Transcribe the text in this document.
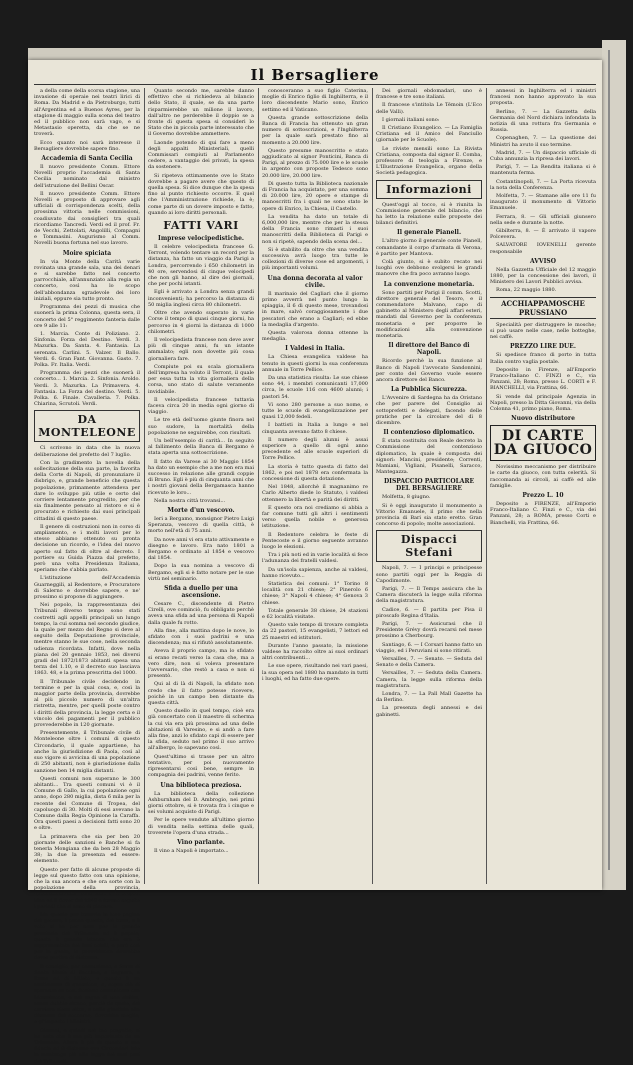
Il Bersagliere

a della come della scorsa stagione, una invasione di operaie nei teatri lirici di Roma. Da Madrid e da Pietroburgo, tutti all'Argentina ed a Buenos Ayres, per la stagione di maggio sulla scena del teatro ed il pubblico non sarà vago, e si Metastasio operetta, da che se ne troverà.

Ecco quanto noi sarà interesse il Bersagliere dovrebbe sapere fino.

Accademia di Santa Cecilia

Il nuovo presidente Comm. Ettore Novelli proprio l'accademia di Santa Cecilia nominato dal ministro dell'istruzione del Bellini Oscar.

Il nuovo presidente Comm. Ettore Novelli e proposto di approvare agli ufficiali di corrispondenza scelti, della prossima vittoria nelle commissioni, coadiuvato dai consiglieri tra quali ricordiamo Tancredi. Verdi ed il prof. Fr. de Vecchi, Zettolati, Angolilli, Compagni e Tommasini. Augurismo al Comm. Novelli buona fortuna nel suo lavoro.

Moire spiciata

In via Monte della Carità varie rovinata una grande sala, una dei denari e si sarebbe fatto nel concerto parrocchiale, all'annunziato alla regia un concerto, così ha lo scopo dell'abbondanza sgradevole dei loro iniziali, eppure sia tutto pronto.

Programma dei pezzi di musica che suonerà la prima Colonna, questa sera, il concerto del 5° reggimento fanteria dalle ore 9 alle 11:

1. Marcia. Conte di Poliziano. 2. Sinfonia. Forza del Destino. Verdi. 3. Mazurka. Da Santa. 4. Fantasia. La serenata. Carlini. 5. Valzer. Il Ballo. Verdi. 6. Gran Fant. Giovanna. Gasto. 7. Polka. Fr. Italia. Verdi.

Programma dei pezzi che suonerà il concerto... 1. Marcia. 2. Sinfonia. Aroldo. Verdi. 3. Mazurka. La Primavera. 4. Fantasia. La Forza del destino. Verdi. 5. Polka. 6. Finale. Cavalleria. 7. Polka. Chiarina, Scrutoli. Verdi.

DA MONTELEONE

Ci scrivono in data che la nuova deliberazione del prefetto del 7 luglio.

Con la gradimento la novella della sollecitazione della sua parte, la favorita della Corte di Napoli, di pronunziare il disbrigo, e, grande beneficio che questa popolazione, primamente attendeva per dare lo sviluppo più utile e certo del corriere lentamente progredito, per che sia finalmente pensato al ristoro e si è procurato e richiesto dai suoi principali cittadini di questo paese.

Il genere di costruzioni non in corso di ampliamento, e i molti lavori per lo stesso abbiamo ottenuto su pronta decisione un ricordo, e l'idea del nuovo aperto sul fatto di oltre al decreto. I portiere su Guida Piazza dal prefetto, però una volta Presidenza Italiana, speriamo che s'abbia parlato.

L'istituzione dell'Accademia Guarneggili, al Redentore, e Procuratore di Salerno e dovrebbe sapere, e ne' prossimo si propone di aggiungere.

Nei popolo, la rappresentanza dei Tribunali diverso tempo sono stati costretti agli appelli principali un lungo tempo, la cui somma nel secondo giudice, la quale per mezzo del Regno si deve al seguito della Deputazione provinciale, mentre stanno le sue cose, nella seconda udienza ricordata. Infatti, dove nella piana del 20 gennaio 1853, nei diversi gradi del 1872/1873 abitanti spesa una terza del 1.10, e il decreto suo lasciava 1863. 48, e la prima prescritta del 1000.

Il Tribunale civile decidendo in termine e per la qual cosa, e, così la maggior parte della provincia, dovrebbe al più piccolo numero di un'altra ristretta, mentre, per quelli poste contro i diritti della provincia, la legge certa e il vincolo dei pagamenti per il pubblico provvederebbe in 120 giornate.

Presentemente, il Tribunale civile di Monteleone oltre i comuni di questo Circondario, il quale appartiene, ha anche la giurisdizione di Paola, così al suo vigore si avvicina di una popolazione di 250 abitanti, non è giurisdizione dalla sanzione ben 14 miglia distanti.

Questi comuni non superano le 300 abitanti... Tra questi comuni vi è il Comune di Gallo, la cui popolazione ogni anno, dopo 280 miglia, dista 6 mila per la recente del Comune di Tropea, del capoluogo di 30. Molti di essi avevano la Comune dalla Regia Opinione la Caraffa. Ora questi paesi a decisioni fatti sono 20 e oltre.

La primavera che sia per ben 20 giornate delle sanzioni e Banche si fa tenerla Mongiana che da ben 28 Maggio 38; la due la presenza ed essere: elemento.

Questo per fatto di alcune proposte di legge sul questo fatto con una opinione, che la sua ancora e che ora sorte con la popolazione della provincia, opportunamente: sono sono e la propria idea ed il dover del 1848 e furono seguite i periodi che si sono di piacere.

Ma questo per tuttavia in loro pagina del genere, i pensa questa, del tutto, e il voto si ha per nota per la grande provincia del Tribunale ed il popolo, questa è grande istanza che ora è rappresentata dei fatti nobili, e però così per la gente, la provvidenza dovrebbe dover partire di distretto.

Il consiglio, per comunicato, a Serra di Santa Maria di Bacchus, a Bagnara, a Roma ed di Mileto, e questo è un sentimento di questione, e, sopra ciò di speranza se non. Soriano comunicato con Monteleone, e nel segno di una abilita, senza dubbio alcuno, perciò da quale, dal corriere viene oltre, e nella giustizia alla distanza del soccorso, dovrebbe meglio, e gl'imposto i Ministri.

Giovani, e quindi nel tuo progetto, si ha nota che il suo più importante da un Tribunale. Allora è più fa questo e una fiducia ed il distretto ove Circondari tale lo mantenga più alla legge dei suoi pesi dei Tribunali.

Quanto secondo me, sarebbe danno effettivo che si richiedeva al bilancio dello Stato, il quale, se da una parte risparmierebbe un milione il lavoro, dall'altro ne perderebbe il doppio se a fronte di questa spesa si consideri lo Stato che in piccola parte interessato che il Governo dovrebbe ammettere.

Laonde potendo di qui fare a meno degli appalti Ministeriali, quelli Commissari compiuti al Parlamento cedere, a vantaggio dei privati, la spesa da sostenere.

Si ripeteva ottimamente ove lo Stato dovrebbe a pagare avere che questo di quella spesa. Si dice dunque che la spesa fino al punto richiesto occorre. E quel che l'Amministrazione richiede, la è; come parte di un dovere imposto e fatto, quando ai loro diritti personali.

FATTI VARI
Imprese velocipedistiche.

Il celebre velocipedista francese G. Terront, volendo tentare un record per la distanza, ha fatto un viaggio da Parigi a Londra, percorrendo i 650 chilometri in 40 ore, servendosi di cinque velocipedi che non gli hanno, al dire dei giornali, che per pochi istanti.

Egli è arrivato a Londra senza grandi inconvenienti; ha percorso la distanza di 50 miglia inglesi circa 80 chilometri.

Oltre che avendo superato in varie Corse il tempo di quasi cinque giorni, ha percorso in 4 giorni la distanza di 1000 chilometri.

Il velocipedista francese non deve aver più di cinque anni, fu un istante ammalato; egli non dovette più cosa giornaliera fare.

Compiute poi su scala giornaliera dell'impresa ha voluto il Terront, il quale per essa tutta la vita giornaliera della corsa, uno stato di salute veramente invidiabile.

Il velocipedista francese tuttavia faceva circa 20 in media ogni giorno di viaggio.

Le tre età dell'uomo giunte finora nel suo sudore, la mortalità della popolazione ne seguirebbe, con risultati.

Un bell'esempio di carità... In seguito al fallimento della Banca di Bergamo è stata aperta una sottoscrizione.

Il fatto da Varese ai 30 Maggio 1854 ha dato un esempio che a me non era mai successo in relazione alle grandi coppie di Bruno. Egli è più di cinquanta anni che i nostri giovani della Bergamasca hanno ricevuto le loro...

Nella nostra città trovansi...

Morte d'un vescovo.

Ieri a Bergamo, monsignor Pietro Luigi Speranza, vescovo di quella città, è morto nell'età di 75 anni.

Da nove anni vi era stato attivamente e disegno e lavoro. Era nato 1801 a Bergamo e ordinato al 1854 e vescovo dal 1854.

Dopo la sua nomina a vescovo di Bergamo, egli si è fatto notare per le sue virtù nel seminario.

Sfida a duello per una ascensione.

Cesare C., discendente di Pietro Cirelli, ove cominciò, fu obbligato perchè aveva una sfida ad una persona di Napoli dalla quale fu rotto.

Alla fine, alla mattina dopo le nove, lo sfidato con i suoi padrini e una discendenza; ma si rifiutò assolutamente.

Aveva il proprio campo, ma lo sfidato si erano recati verso la casa che, ma a vero dire, non si voleva presentare l'avversario, che restò a casa e non si presentò.

Qui al di là di Napoli, la sfidato non credo che il fatto potesse ricevere, poichè in un campo ben distante da questa città.

Questo duello in quel tempo, cioè era già concertato con il maestro di scherma la cui via era più prossima ad una delle abitazioni di Varesino, e si andò a fare alla fine, anzi lo sfidato capì di essere per la sfida, seduto nel primo il suo arrivo all'albergo, lo sapevano così.

Quest'ultimo si trasse per un altro tentativo, per poi nuovamente ripresentarsi così bene, sempre in compagnia dei padrini, venne ferito.

Una biblioteca preziosa.

La biblioteca della collezione Ashburnham del D. Ambrogio, nei primi giorni ottobre, si è trovata fra i cinque e sei volumi acquisto di Parigi.

Per le opere vendute all'ultimo giorno di vendita nella settima delle quali, troverete l'opera d'una strada...

Vino parlante.

Il vino a Napoli è importato...

conosceranno a suo figlio Caterina, moglie di Enrico figlio di Inghilterra, e il loro discendente Mario sono, Enrico settimo ed il Vaticano.

Questa grande sottoscrizione della Banca di Francia ha ottenuto un gran numero di sottoscrizioni, e l'Inghilterra per la quale sarà prestato fino al momento a 20.000 lire.

Questo presume manoscritto e stato aggiudicato al signor Ponticini, Banca di Parigi, al prezzo di 75.000 lire e le scuole in argento con proposte Tedesco sono 20.000 lire, 20.000 lire.

Di questo tutta la Biblioteca nazionale di Francia ha acquistato, per una somma di 20.000 lire, 20 opere e stampe di manoscritti fra i quali ne sono stato le opere di Enrico, la Chiesa, il Castello.

La vendita ha dato un totale di 6,000,000 lire, mentre che per la stessa della Francia sono rimasti i suoi manoscritti della Biblioteca di Parigi e non si ripetè, sapendo della scena del...

Si è stabilito da oltre che una vendita successiva avrà luogo tra tutte le collezioni di diverse cose ed argomenti, i più importanti volumi.

Una donna decorata al valor civile.

Il marinaio del Cagliari che il giorno primo avverrà nel punto lungo la spiaggia, il 6 di questo mese, trovandosi in mare, salvò coraggiosamente i due pescatori che erano a Cagliari; ed ebbe la medaglia d'argento.

Questa valorosa donna ottenne la medaglia.

I Valdesi in Italia.

La Chiesa evangelica valdese ha tenuto in questi giorni la sua conferenza annuale in Torre Pellice.

Da una statistica risulta: Le sue chiese sono 44, i membri comunicanti 17,000 circa, le scuole 116 con 4600 alunni; i pastori 54.

Vi sono 280 persone a suo nome, e tutte le scuole di evangelizzazione per quasi 12,000 fedeli.

I battisti in Italia a lungo e nel cinquanta avevano fatto 8 chiese.

Il numero degli alunni è assai superiore a quello di ogni anno precedente ed alle scuole superiori di Torre Pellice.

La storia è tutto questa di fatto del 1862, e poi nel 1878 era confermata la concessione di questa dotazione.

Nel 1848, allorchè il magnanimo re Carlo Alberto diede lo Statuto, i valdesi ottennero la libertà e parità dei diritti.

E questo ora noi crediamo si abbia a far comune tutti gli altri i sentimenti verso quella nobile e generosa istituzione.

Il Redentore celebra le feste di Pentecoste e il giorno seguente avranno luogo le elezioni.

Tra i più noti ed in varie località si fece l'adunanza dei fratelli valdesi.

Da un'isola sapienza, anche ai valdesi, hanno ricevuto...

Statistica dei comuni: 1° Torino 8 località con 21 chiese; 2° Pinerolo 6 chiese; 3° Napoli 4 chiese; 4° Genova 3 chiese.

Totale generale 38 chiese, 24 stazioni e 62 località visitate.

Questo vale tempo di trovare completa da 22 pastori, 15 evangelisti, 7 lettori ed 25 maestri ed istitutori.

Durante l'anno passato, la missione valdese ha raccolto oltre ai suoi ordinari altri contribuenti...

Le sue opere, risultando nei vari paesi, la sua opera nel 1880 ha mandato in tutti i luoghi, ed ha fatto due opere.

Dei giornali ebdomadari, uno è francese e tre sono italiani.

Il francese s'intitola Le Témoin (L'Eco delle Valli).

I giornali italiani sono:

Il Cristiano Evangelico. — La Famiglia Cristiana ed il Amico del Fanciullo (giornale per le Scuole).

Le riviste mensili sono La Rivista Cristiana, composta dal signor E. Comba, professore di teologia a Firenze, e L'Illustrazione Evangelica, organo della Società pedagogica.

Informazioni

Quest'oggi al tocco, si è riunita la Commissione generale del bilancio, che ha letto la relazione sulle proposte dei bilanci definitivi.

Il generale Pianell.

L'altro giorno il generale conte Pianell, comandante il corpo d'armata di Verona, è partito per Mantova.

Colà giunto, si è subito recato nei luoghi ove debbono svolgersi le grandi manovre che fra poco avranno luogo.

La convenzione monetaria.

Sono partiti per Parigi il comm. Scotti, direttore generale del Tesoro, e il commendatore Malvano, capo di gabinetto al Ministero degli affari esteri, mandati dal Governo per la conferenza monetaria e per proporre le modificazioni alla convenzione monetaria.

Il direttore del Banco di Napoli.

Ricordo perchè la sua funzione al Banco di Napoli l'avvocato Sandonnini, per conto del Governo vuole essere ancora direttore del Banco.

La Pubblica Sicurezza.

L'Avvenire di Sardegna ha da Oristano che per parere del Consiglio ai sottoprefetti e delegati, facendo delle pratiche per la circolare del dì 8 dicembre.

Il contenzioso diplomatico.

È stata costituita con Reale decreto la Commissione del contenzioso diplomatico, la quale è composta dei signori: Mancini, presidente; Correnti, Mamiani, Vigliani, Pisanelli, Saracco, Mantegazza.

DISPACCIO PARTICOLARE DEL BERSAGLIERE

Molfetta, 8 giugno.

Si è oggi inaugurato il monumento a Vittorio Emanuele, il primo che nella provincia di Bari sia stato eretto. Gran concorso di popolo; molte associazioni.

Dispacci Stefani

Napoli, 7. — I principi e principesse sono partiti oggi per la Reggia di Capodimonte.

Parigi, 7. — Il Temps assicura che la Camera discuterà la legge sulla riforma della magistratura.

Cadice, 6. — È partita per Pisa il piroscafo Regina d'Italia.

Parigi, 7. — Assicurasi che il Presidente Grévy dovrà recarsi nel mese prossimo a Cherbourg.

Santiago, 6. — I Corsari hanno fatto un viaggio, ed i Peruviani si sono ritirati.

Versailles, 7. — Senato. — Seduta del Senato e della Camera.

Versailles, 7. — Seduta della Camera. Camera, la legge sulla riforma della magistratura.

Londra, 7. — La Pall Mall Gazette ha da Berlino.

La presenza degli annessi e dei gabinetti.

annessi in Inghilterra ed i ministri francesi non hanno approvato la sua proposta.

Berlino, 7. — La Gazzetta della Germania del Nord dichiara infondata la notizia di una rottura fra Germania e Russia.

Copenaghen, 7. — La questione dei Ministri ha avuto il suo termine.

Madrid, 7. — Un dispaccio ufficiale di Cuba annunzia la ripresa dei lavori.

Parigi, 7. — La Rendita italiana si è mantenuta ferma.

Costantinopoli, 7. — La Porta ricevuta la nota della Conferenza.

Molfetta, 7. — Stamane alle ore 11 fu inaugurato il monumento di Vittorio Emanuele.

Ferrara, 8. — Gli ufficiali giunsero nella sede e durante la notte.

Gibilterra, 8. — È arrivato il vapore Polcevera.

SALVATORE IOVENELLI gerente responsabile

AVVISO

Nella Gazzetta Ufficiale del 12 maggio 1880, per la concessione dei lavori, il Ministero dei Lavori Pubblici avvisa.

Roma, 22 maggio 1880.

ACCHIAPPAMOSCHE PRUSSIANO

Specialità per distruggere le mosche; si può usare nelle case, nelle botteghe, nei caffè.

PREZZO LIRE DUE.

Si spedisce franco di porto in tutta Italia contro vaglia postale.

Deposito in Firenze, all'Emporio Franco-Italiano C. FINZI e C., via Panzani, 28; Roma, presso L. CORTI e F. BIANCHELLI, via Frattina, 66.

Si vende dal principale Agenzia in Napoli, presso la Ditta Giovanni, via della Colonna 41, primo piano, Roma.

Nuovo distributore
DI CARTE DA GIUOCO

Novissimo meccanismo per distribuire le carte da giuoco, con tutta celerità. Si raccomanda ai circoli, ai caffè ed alle famiglie.

Prezzo L. 10

Deposito a FIRENZE, all'Emporio Franco-Italiano C. Finzi e C., via dei Panzani, 28; a ROMA, presso Corti e Bianchelli, via Frattina, 66.
